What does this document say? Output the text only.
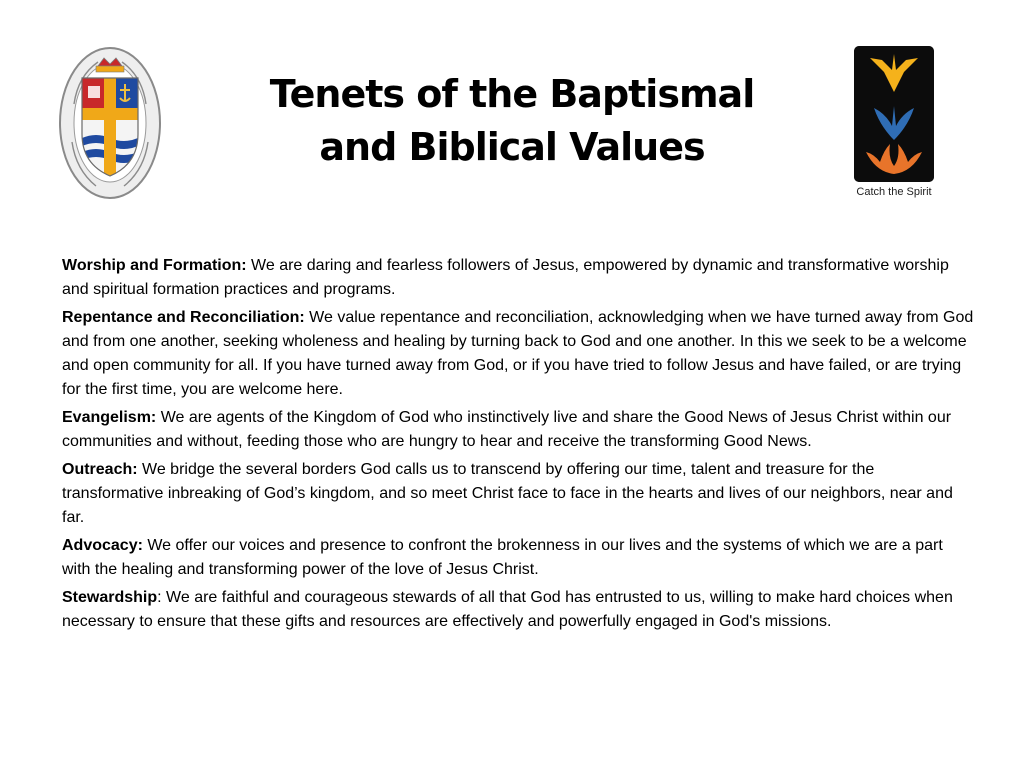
Tenets of the Baptismal
and Biblical Values
Catch the Spirit

Worship and Formation: We are daring and fearless followers of Jesus, empowered by dynamic and transformative worship and spiritual formation practices and programs.

Repentance and Reconciliation: We value repentance and reconciliation, acknowledging when we have turned away from God and from one another, seeking wholeness and healing by turning back to God and one another. In this we seek to be a welcome and open community for all. If you have turned away from God, or if you have tried to follow Jesus and have failed, or are trying for the first time, you are welcome here.

Evangelism: We are agents of the Kingdom of God who instinctively live and share the Good News of Jesus Christ within our communities and without, feeding those who are hungry to hear and receive the transforming Good News.

Outreach: We bridge the several borders God calls us to transcend by offering our time, talent and treasure for the transformative inbreaking of God’s kingdom, and so meet Christ face to face in the hearts and lives of our neighbors, near and far.

Advocacy: We offer our voices and presence to confront the brokenness in our lives and the systems of which we are a part with the healing and transforming power of the love of Jesus Christ.

Stewardship: We are faithful and courageous stewards of all that God has entrusted to us, willing to make hard choices when necessary to ensure that these gifts and resources are effectively and powerfully engaged in God's missions.
